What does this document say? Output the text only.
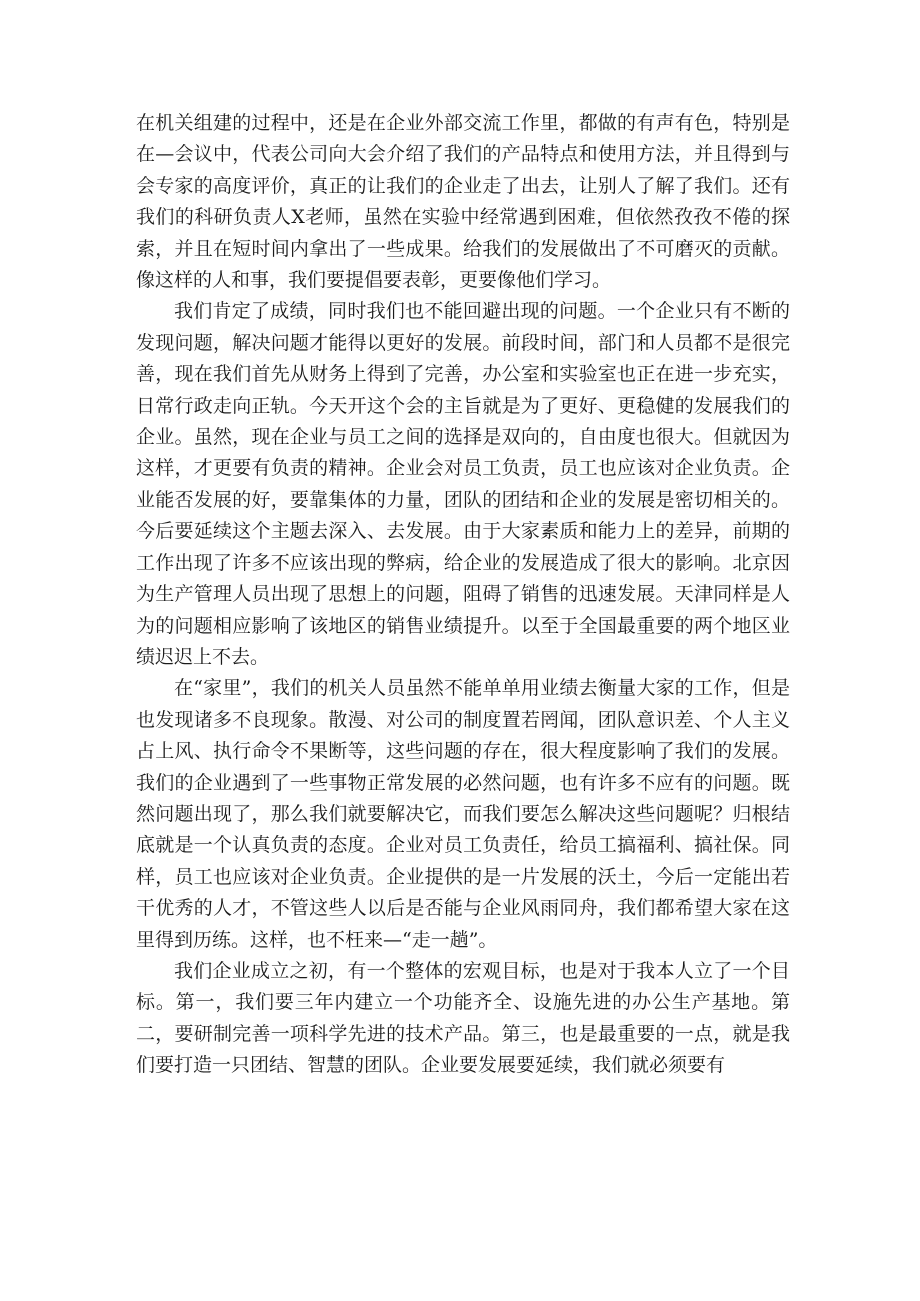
在机关组建的过程中，还是在企业外部交流工作里，都做的有声有色，特别是在—会议中，代表公司向大会介绍了我们的产品特点和使用方法，并且得到与会专家的高度评价，真正的让我们的企业走了出去，让别人了解了我们。还有我们的科研负责人X老师，虽然在实验中经常遇到困难，但依然孜孜不倦的探索，并且在短时间内拿出了一些成果。给我们的发展做出了不可磨灭的贡献。像这样的人和事，我们要提倡要表彰，更要像他们学习。

我们肯定了成绩，同时我们也不能回避出现的问题。一个企业只有不断的发现问题，解决问题才能得以更好的发展。前段时间，部门和人员都不是很完善，现在我们首先从财务上得到了完善，办公室和实验室也正在进一步充实，日常行政走向正轨。今天开这个会的主旨就是为了更好、更稳健的发展我们的企业。虽然，现在企业与员工之间的选择是双向的，自由度也很大。但就因为这样，才更要有负责的精神。企业会对员工负责，员工也应该对企业负责。企业能否发展的好，要靠集体的力量，团队的团结和企业的发展是密切相关的。今后要延续这个主题去深入、去发展。由于大家素质和能力上的差异，前期的工作出现了许多不应该出现的弊病，给企业的发展造成了很大的影响。北京因为生产管理人员出现了思想上的问题，阻碍了销售的迅速发展。天津同样是人为的问题相应影响了该地区的销售业绩提升。以至于全国最重要的两个地区业绩迟迟上不去。

在“家里”，我们的机关人员虽然不能单单用业绩去衡量大家的工作，但是也发现诸多不良现象。散漫、对公司的制度置若罔闻，团队意识差、个人主义占上风、执行命令不果断等，这些问题的存在，很大程度影响了我们的发展。我们的企业遇到了一些事物正常发展的必然问题，也有许多不应有的问题。既然问题出现了，那么我们就要解决它，而我们要怎么解决这些问题呢？归根结底就是一个认真负责的态度。企业对员工负责任，给员工搞福利、搞社保。同样，员工也应该对企业负责。企业提供的是一片发展的沃土，今后一定能出若干优秀的人才，不管这些人以后是否能与企业风雨同舟，我们都希望大家在这里得到历练。这样，也不枉来—“走一趟”。

我们企业成立之初，有一个整体的宏观目标，也是对于我本人立了一个目标。第一，我们要三年内建立一个功能齐全、设施先进的办公生产基地。第二，要研制完善一项科学先进的技术产品。第三，也是最重要的一点，就是我们要打造一只团结、智慧的团队。企业要发展要延续，我们就必须要有
